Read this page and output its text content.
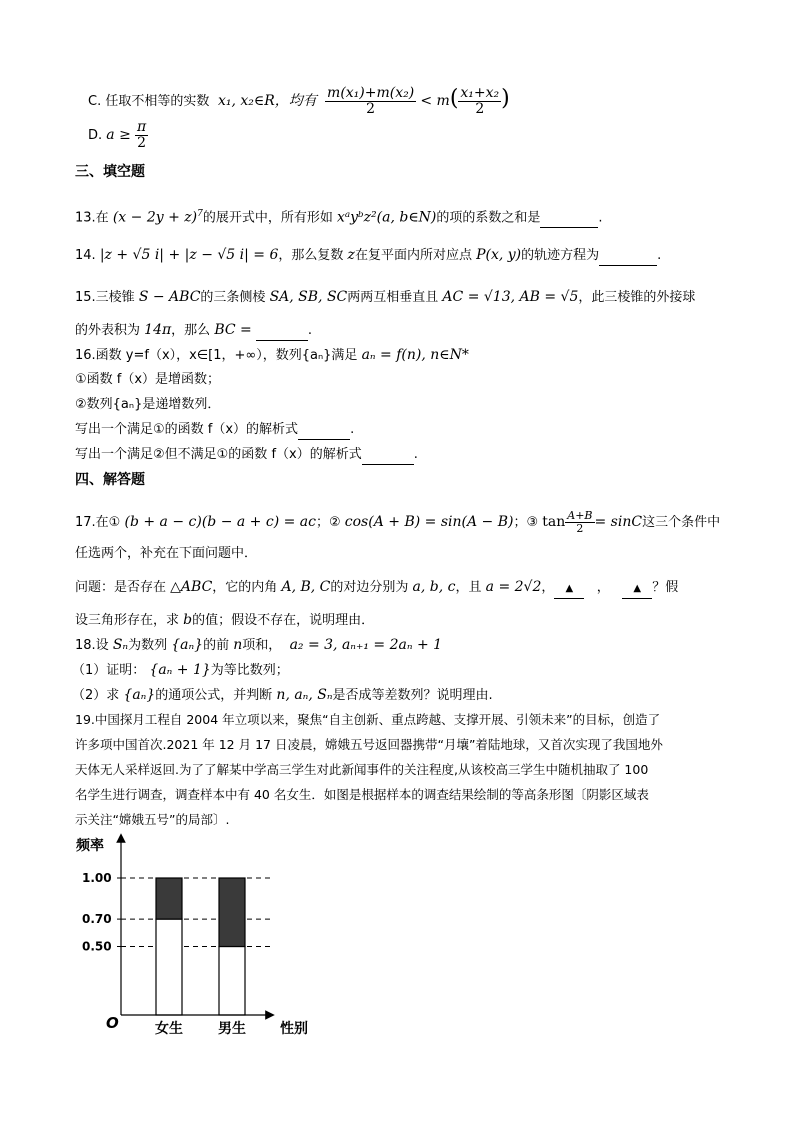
C. 任取不相等的实数 x₁, x₂∈R，均有 $\frac{\text{m(x₁)+m(x₂)}}{2} < m( \frac{\text{x₁+x₂}}{2}$ )
D. $a \ge \frac{\pi}{2}$
三、填空题
13.在 $(x - 2y + z)^7$的展开式中，所有形如 xᵃyᵇz²(a, b∈N)的项的系数之和是	.
14. |z + √5 i| + |z − √5 i| = 6，那么复数 z在复平面内所对应点 P(x, y)的轨迹方程为	.
15.三棱锥 S − ABC的三条侧棱 SA, SB, SC两两互相垂直且 AC = √13, AB = √5，此三棱锥的外接球
的外表积为 14π，那么 BC =	.
16.函数 y=f（x），x∈[1，+∞），数列{aₙ}满足 aₙ = f(n), n∈N*
①函数 f（x）是增函数；
②数列{aₙ}是递增数列．
写出一个满足①的函数 f（x）的解析式	.
写出一个满足②但不满足①的函数 f（x）的解析式	.
四、解答题
17.在① (b + a − c)(b − a + c) = ac；② cos(A + B) = sin(A − B)；③ $\tan \frac{A+B}{2} = \sin C$这三个条件中
任选两个，补充在下面问题中．
问题：是否存在 △ABC，它的内角 A, B, C的对边分别为 a, b, c，且 a = 2√2， ▲ ， ▲ ？假
设三角形存在，求 b的值；假设不存在，说明理由．
18.设 Sₙ为数列 {aₙ}的前 n项和， a₂ = 3, aₙ₊₁ = 2aₙ + 1
（1）证明： {aₙ + 1}为等比数列；
（2）求 {aₙ}的通项公式，并判断 n, aₙ, Sₙ是否成等差数列？说明理由.
19.中国探月工程自 2004 年立项以来，聚焦“自主创新、重点跨越、支撑开展、引领未来”的目标，创造了
许多项中国首次.2021 年 12 月 17 日凌晨，嫦娥五号返回器携带“月壤”着陆地球，又首次实现了我国地外
天体无人采样返回.为了了解某中学高三学生对此新闻事件的关注程度,从该校高三学生中随机抽取了 100
名学生进行调查，调查样本中有 40 名女生．如图是根据样本的调查结果绘制的等高条形图〔阴影区域表
示关注“嫦娥五号”的局部〕.
1.00
0.70
0.50
女生	男生
频率
性别
O
